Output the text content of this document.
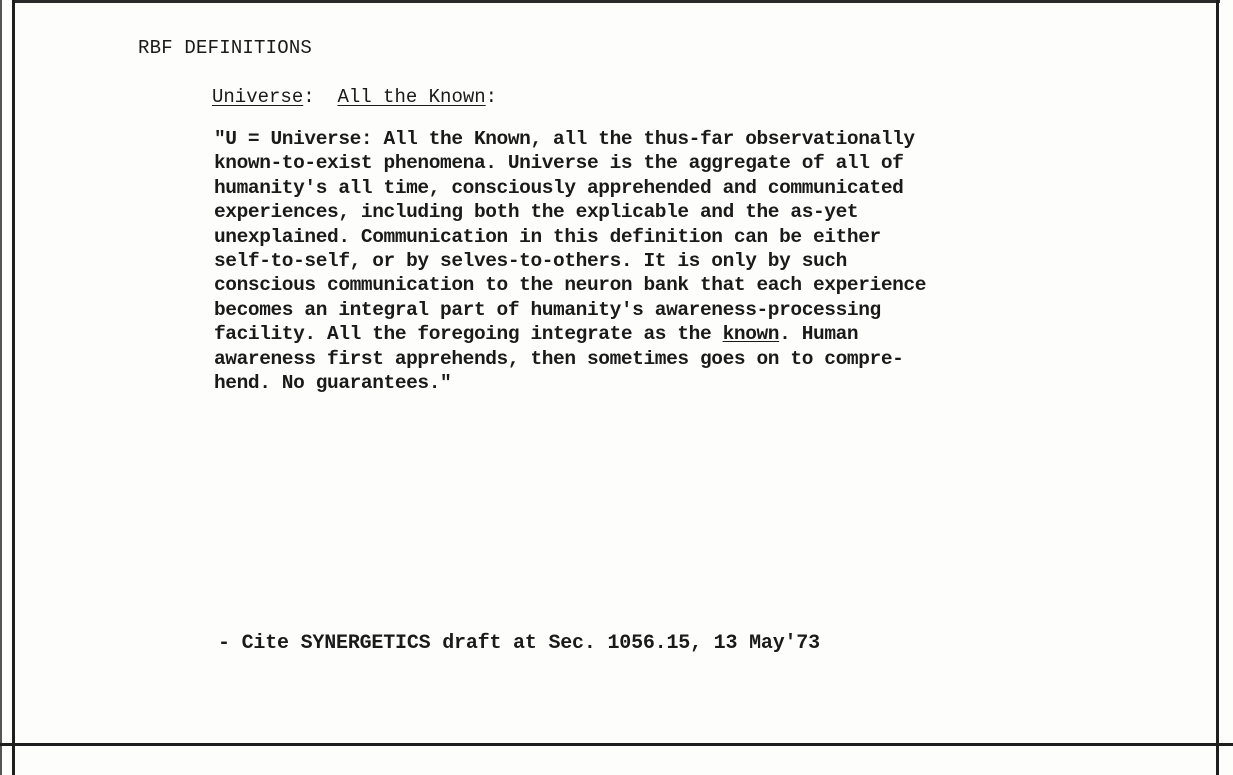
RBF DEFINITIONS
Universe: All the Known:
"U = Universe: All the Known, all the thus-far observationally
known-to-exist phenomena. Universe is the aggregate of all of
humanity's all time, consciously apprehended and communicated
experiences, including both the explicable and the as-yet
unexplained. Communication in this definition can be either
self-to-self, or by selves-to-others. It is only by such
conscious communication to the neuron bank that each experience
becomes an integral part of humanity's awareness-processing
facility. All the foregoing integrate as the known. Human
awareness first apprehends, then sometimes goes on to compre-
hend. No guarantees."
- Cite SYNERGETICS draft at Sec. 1056.15, 13 May'73
